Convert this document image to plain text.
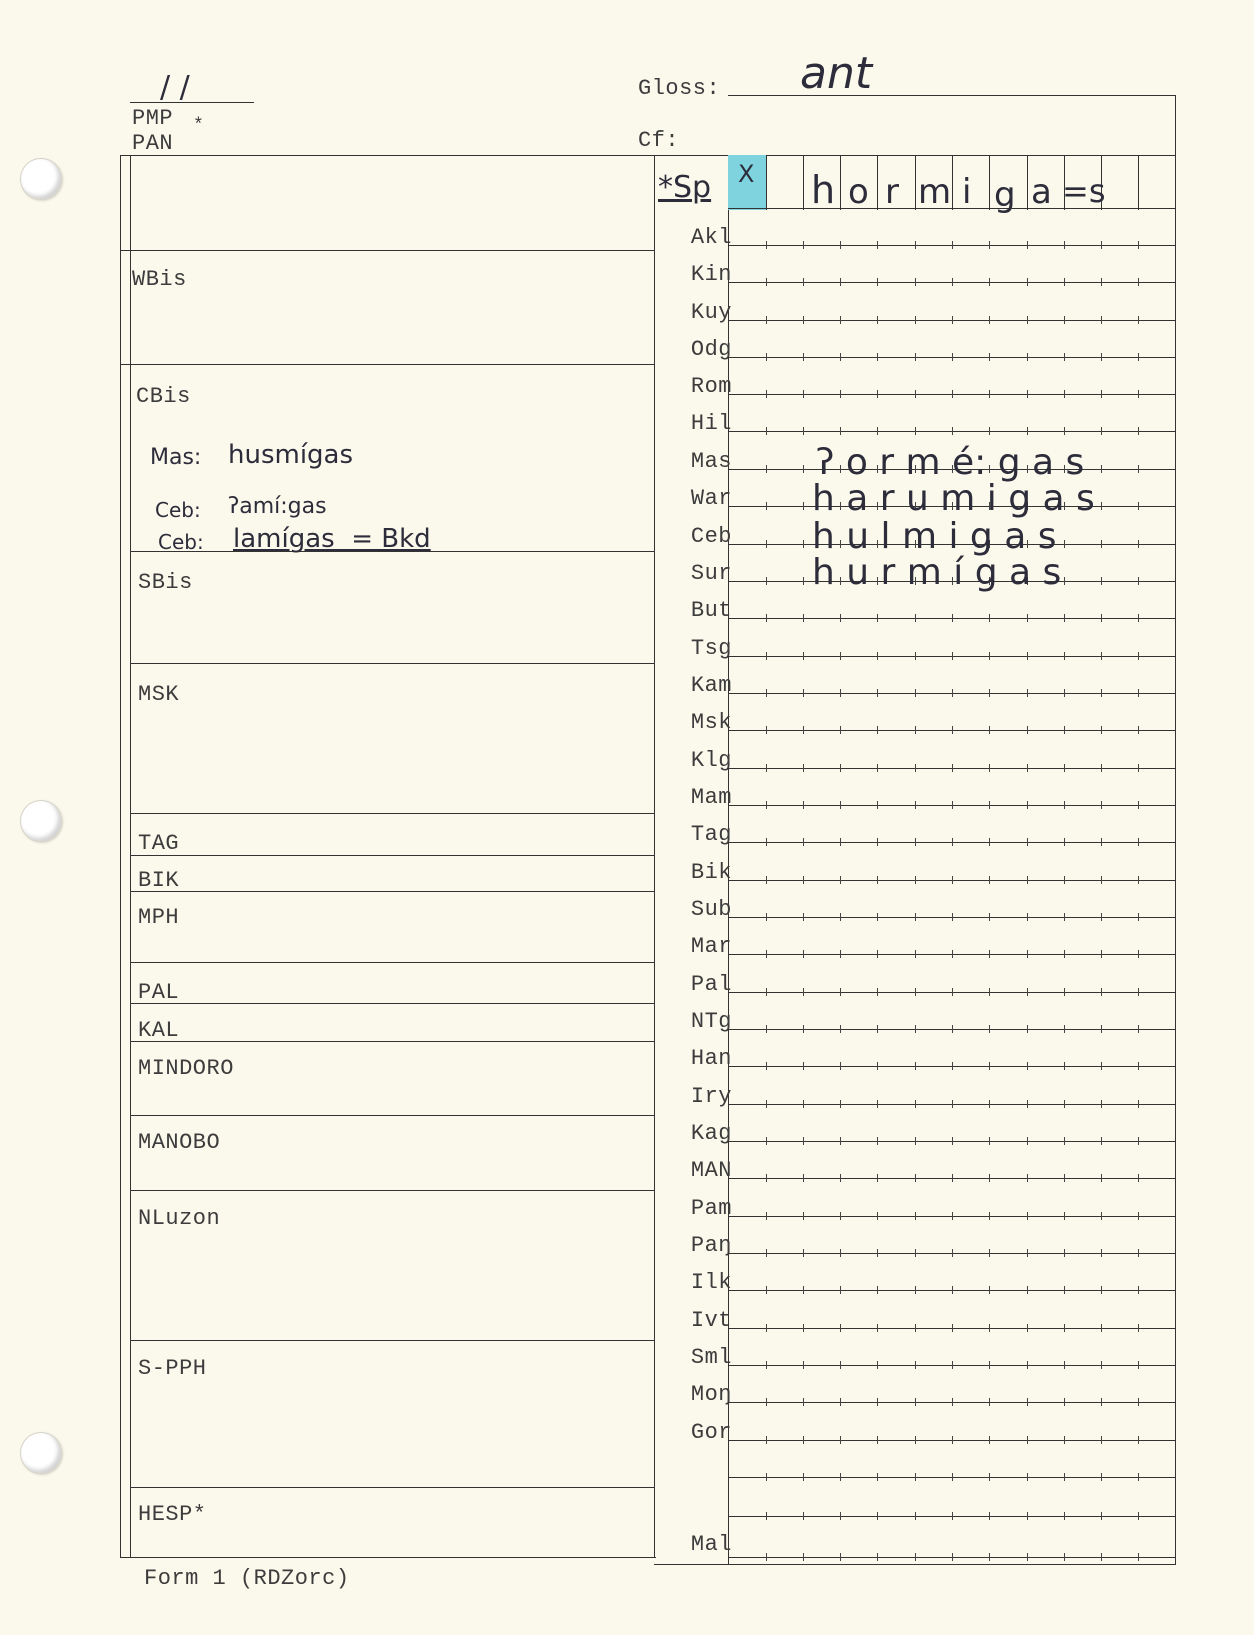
/ /
PMP *
PAN
Gloss: ant
Cf:
WBis
CBis
SBis
MSK
TAG
BIK
MPH
PAL
KAL
MINDORO
MANOBO
NLuzon
S-PPH
HESP*
Mas: husmígas
Ceb: ʔamí:gas
Ceb: lamígas  = Bkd
*Sp X h o r m i g a =s
Akl
Kin
Kuy
Odg
Rom
Hil
Mas
War
Ceb
Sur
But
Tsg
Kam
Msk
Klg
Mam
Tag
Bik
Sub
Mar
Pal
NTg
Han
Iry
Kag
MAN
Pam
Paŋ
Ilk
Ivt
Sml
Moŋ
Gor
Mal
ʔ o r m é: g a s
h a r u m i g a s
h u l m i g a s
h u r m í g a s
Form 1 (RDZorc)
